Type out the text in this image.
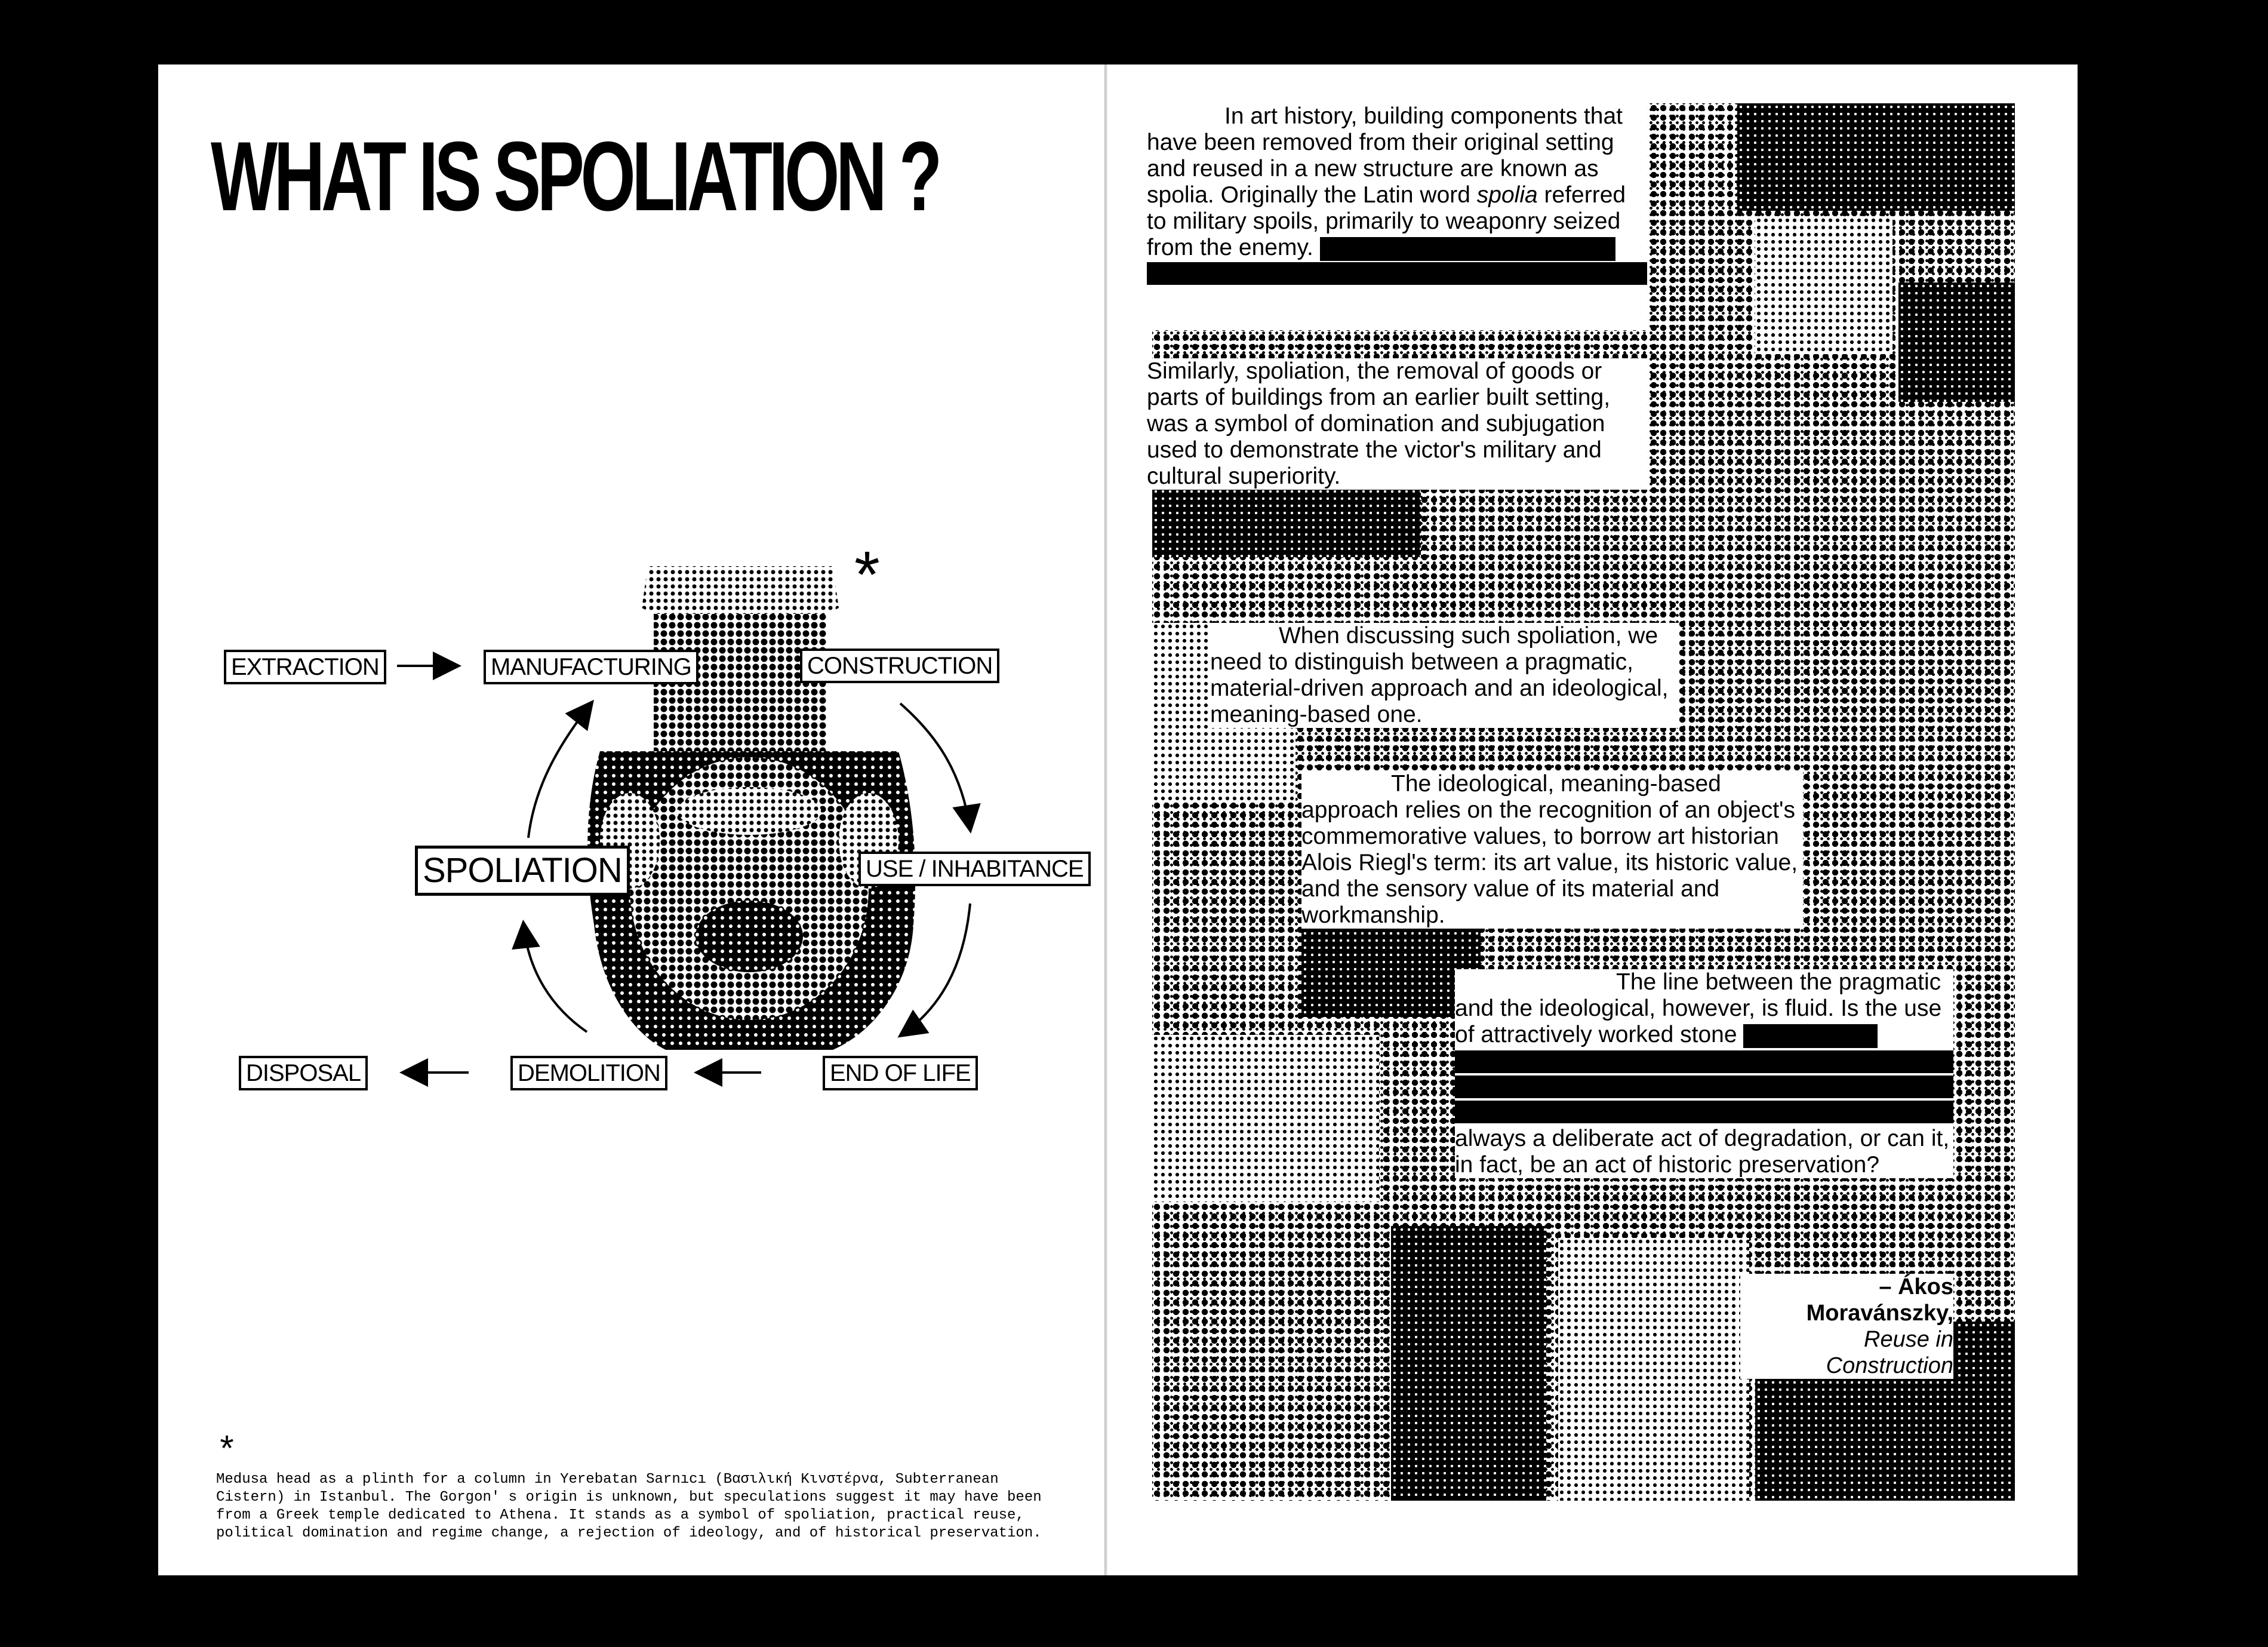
WHAT IS SPOLIATION ?
*
EXTRACTION	MANUFACTURING	CONSTRUCTION
SPOLIATION	USE / INHABITANCE
END OF LIFE
DEMOLITION
DISPOSAL
*
Medusa head as a plinth for a column in Yerebatan Sarnıcı (Βασιλική Κινστέρνα, Subterranean Cistern) in Istanbul. The Gorgon' s origin is unknown, but speculations suggest it may have been from a Greek temple dedicated to Athena. It stands as a symbol of spoliation, practical reuse, political domination and regime change, a rejection of ideology, and of historical preservation.

In art history, building components that have been removed from their original setting and reused in a new structure are known as spolia. Originally the Latin word spolia referred to military spoils, primarily to weaponry seized from the enemy.

Similarly, spoliation, the removal of goods or parts of buildings from an earlier built setting, was a symbol of domination and subjugation used to demonstrate the victor's military and cultural superiority.

When discussing such spoliation, we need to distinguish between a pragmatic, material-driven approach and an ideological, meaning-based one.

The ideological, meaning-based approach relies on the recognition of an object's commemorative values, to borrow art historian Alois Riegl's term: its art value, its historic value, and the sensory value of its material and workmanship.

The line between the pragmatic and the ideological, however, is fluid. Is the use of attractively worked stone

always a deliberate act of degradation, or can it, in fact, be an act of historic preservation?

– Ákos Moravánszky,

Reuse in Construction
